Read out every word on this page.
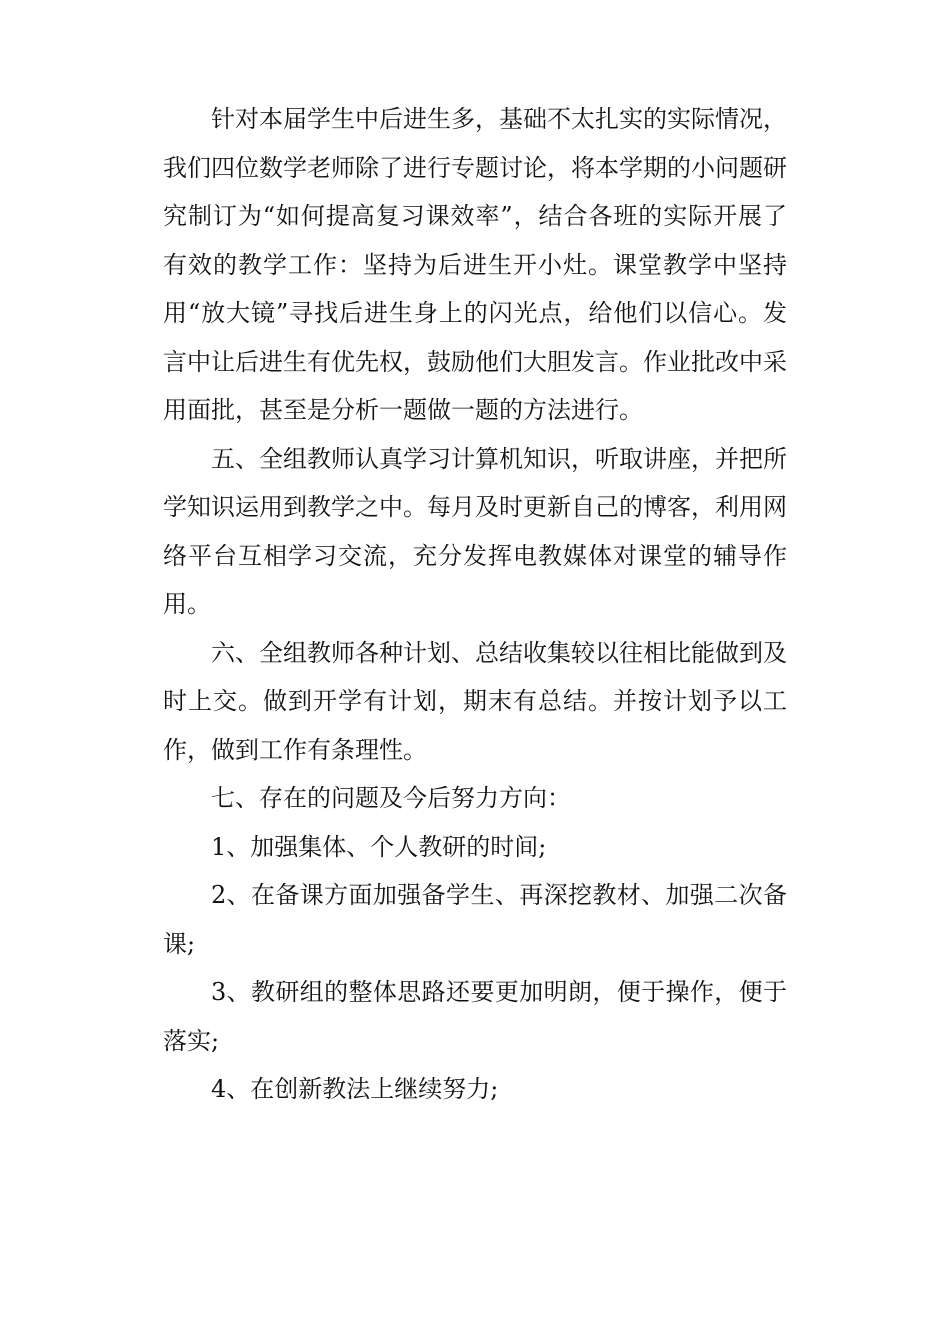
针对本届学生中后进生多，基础不太扎实的实际情况，我们四位数学老师除了进行专题讨论，将本学期的小问题研究制订为“如何提高复习课效率”，结合各班的实际开展了有效的教学工作：坚持为后进生开小灶。课堂教学中坚持用“放大镜”寻找后进生身上的闪光点，给他们以信心。发言中让后进生有优先权，鼓励他们大胆发言。作业批改中采用面批，甚至是分析一题做一题的方法进行。

五、全组教师认真学习计算机知识，听取讲座，并把所学知识运用到教学之中。每月及时更新自己的博客，利用网络平台互相学习交流，充分发挥电教媒体对课堂的辅导作用。

六、全组教师各种计划、总结收集较以往相比能做到及时上交。做到开学有计划，期末有总结。并按计划予以工作，做到工作有条理性。

七、存在的问题及今后努力方向：

1、加强集体、个人教研的时间;

2、在备课方面加强备学生、再深挖教材、加强二次备课;

3、教研组的整体思路还要更加明朗，便于操作，便于落实;

4、在创新教法上继续努力;
